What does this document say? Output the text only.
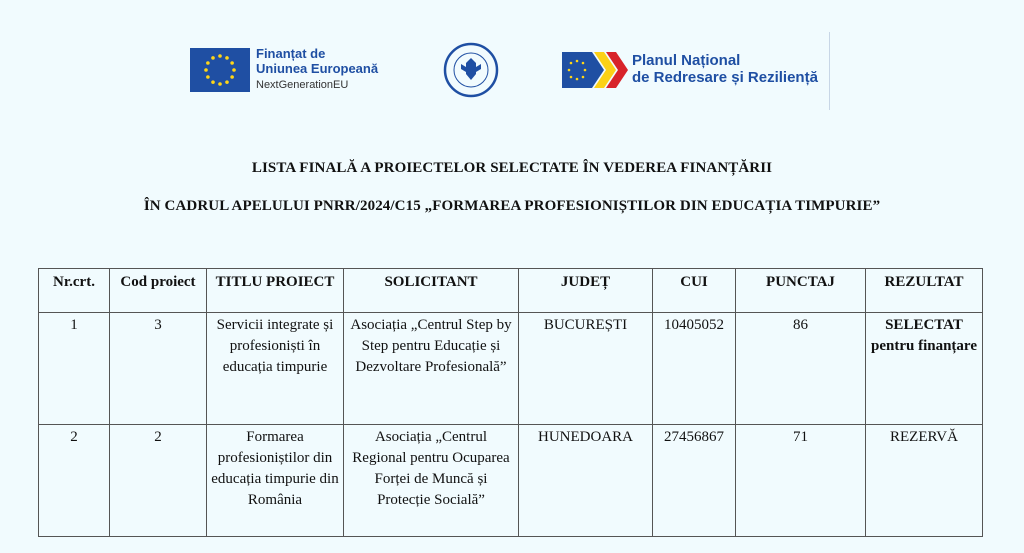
Finanțat de
Uniunea Europeană
NextGenerationEU
Planul Național
de Redresare și Reziliență
LISTA FINALĂ A PROIECTELOR SELECTATE ÎN VEDEREA FINANȚĂRII
ÎN CADRUL APELULUI PNRR/2024/C15 „FORMAREA PROFESIONIȘTILOR DIN EDUCAȚIA TIMPURIE”
Nr.crt.	Cod proiect	TITLU PROIECT	SOLICITANT	JUDEȚ	CUI	PUNCTAJ	REZULTAT
1	3	Servicii integrate și profesioniști în educația timpurie	Asociația „Centrul Step by Step pentru Educație și Dezvoltare Profesională”	BUCUREȘTI	10405052	86	SELECTAT pentru finanțare
2	2	Formarea profesioniștilor din educația timpurie din România	Asociația „Centrul Regional pentru Ocuparea Forței de Muncă și Protecție Socială”	HUNEDOARA	27456867	71	REZERVĂ
